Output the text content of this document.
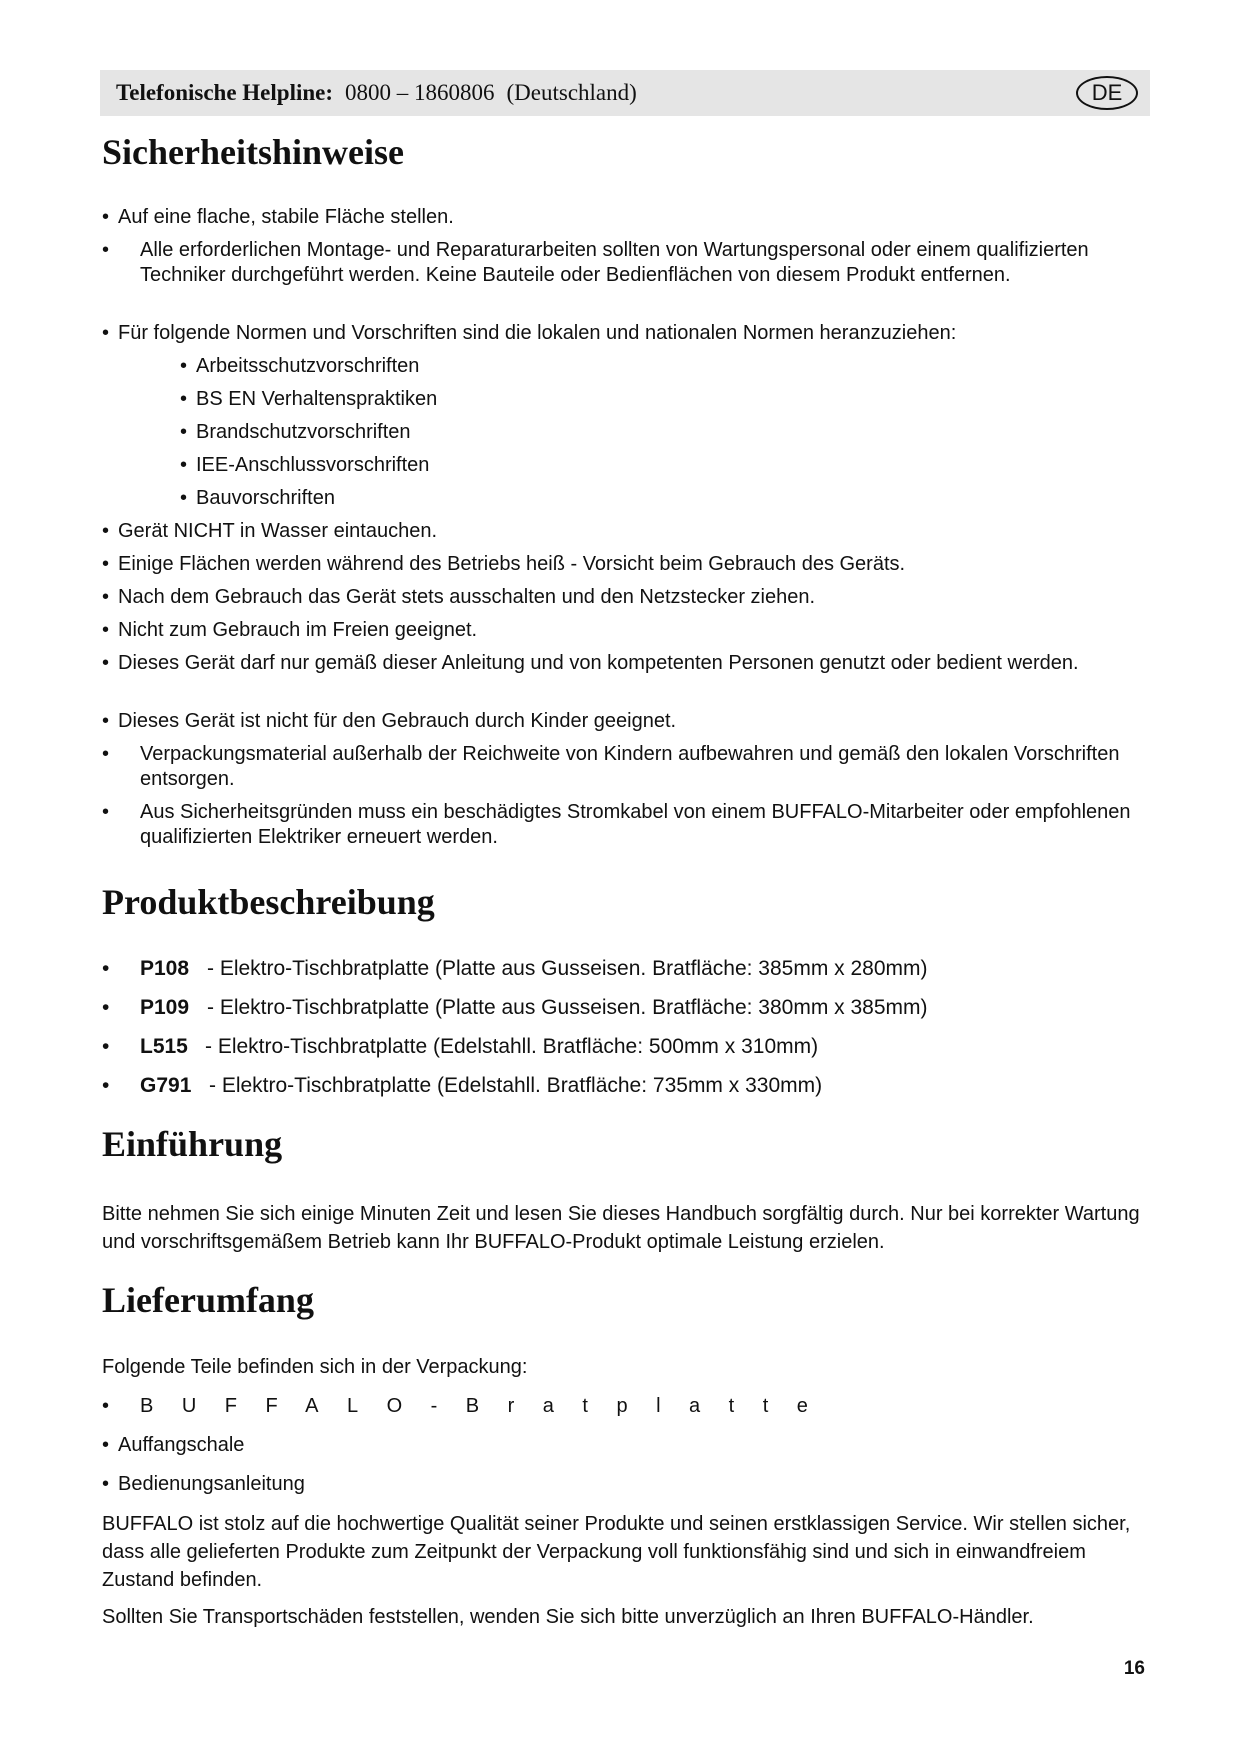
Telefonische Helpline: 0800 – 1860806 (Deutschland)	DE
Sicherheitshinweise
• Auf eine flache, stabile Fläche stellen.
•	Alle erforderlichen Montage- und Reparaturarbeiten sollten von Wartungspersonal oder einem qualifizierten Techniker durchgeführt werden. Keine Bauteile oder Bedienflächen von diesem Produkt entfernen.
• Für folgende Normen und Vorschriften sind die lokalen und nationalen Normen heranzuziehen:
• Arbeitsschutzvorschriften
• BS EN Verhaltenspraktiken
• Brandschutzvorschriften
• IEE-Anschlussvorschriften
• Bauvorschriften
• Gerät NICHT in Wasser eintauchen.
• Einige Flächen werden während des Betriebs heiß - Vorsicht beim Gebrauch des Geräts.
• Nach dem Gebrauch das Gerät stets ausschalten und den Netzstecker ziehen.
• Nicht zum Gebrauch im Freien geeignet.
• Dieses Gerät darf nur gemäß dieser Anleitung und von kompetenten Personen genutzt oder bedient werden.
• Dieses Gerät ist nicht für den Gebrauch durch Kinder geeignet.
•	Verpackungsmaterial außerhalb der Reichweite von Kindern aufbewahren und gemäß den lokalen Vorschriften entsorgen.
•	Aus Sicherheitsgründen muss ein beschädigtes Stromkabel von einem BUFFALO-Mitarbeiter oder empfohlenen qualifizierten Elektriker erneuert werden.
Produktbeschreibung
• P108 - Elektro-Tischbratplatte (Platte aus Gusseisen. Bratfläche: 385mm x 280mm)
• P109 - Elektro-Tischbratplatte (Platte aus Gusseisen. Bratfläche: 380mm x 385mm)
• L515 - Elektro-Tischbratplatte (Edelstahll. Bratfläche: 500mm x 310mm)
• G791 - Elektro-Tischbratplatte (Edelstahll. Bratfläche: 735mm x 330mm)
Einführung
Bitte nehmen Sie sich einige Minuten Zeit und lesen Sie dieses Handbuch sorgfältig durch. Nur bei korrekter Wartung und vorschriftsgemäßem Betrieb kann Ihr BUFFALO-Produkt optimale Leistung erzielen.
Lieferumfang
Folgende Teile befinden sich in der Verpackung:
• BUFFALO-Bratplatte
• Auffangschale
• Bedienungsanleitung
BUFFALO ist stolz auf die hochwertige Qualität seiner Produkte und seinen erstklassigen Service. Wir stellen sicher, dass alle gelieferten Produkte zum Zeitpunkt der Verpackung voll funktionsfähig sind und sich in einwandfreiem Zustand befinden.
Sollten Sie Transportschäden feststellen, wenden Sie sich bitte unverzüglich an Ihren BUFFALO-Händler.
16
